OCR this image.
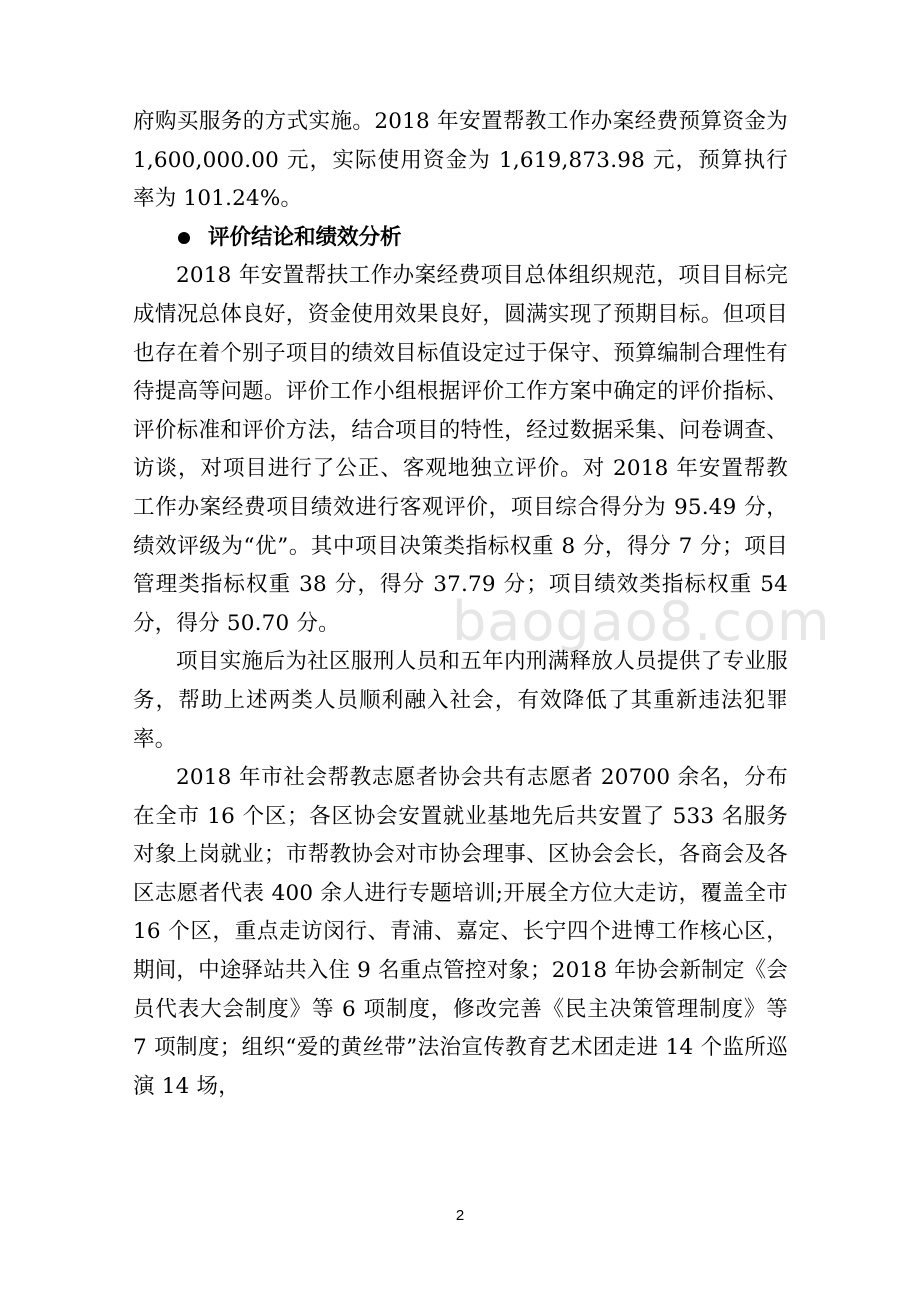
baogao8.com

府购买服务的方式实施。2018 年安置帮教工作办案经费预算资金为 1,600,000.00 元，实际使用资金为 1,619,873.98 元，预算执行率为 101.24%。

评价结论和绩效分析

2018 年安置帮扶工作办案经费项目总体组织规范，项目目标完成情况总体良好，资金使用效果良好，圆满实现了预期目标。但项目也存在着个别子项目的绩效目标值设定过于保守、预算编制合理性有待提高等问题。评价工作小组根据评价工作方案中确定的评价指标、评价标准和评价方法，结合项目的特性，经过数据采集、问卷调查、访谈，对项目进行了公正、客观地独立评价。对 2018 年安置帮教工作办案经费项目绩效进行客观评价，项目综合得分为 95.49 分，绩效评级为“优”。其中项目决策类指标权重 8 分，得分 7 分；项目管理类指标权重 38 分，得分 37.79 分；项目绩效类指标权重 54 分，得分 50.70 分。

项目实施后为社区服刑人员和五年内刑满释放人员提供了专业服务，帮助上述两类人员顺利融入社会，有效降低了其重新违法犯罪率。

2018 年市社会帮教志愿者协会共有志愿者 20700 余名，分布在全市 16 个区；各区协会安置就业基地先后共安置了 533 名服务对象上岗就业；市帮教协会对市协会理事、区协会会长，各商会及各区志愿者代表 400 余人进行专题培训;开展全方位大走访，覆盖全市 16 个区，重点走访闵行、青浦、嘉定、长宁四个进博工作核心区，期间，中途驿站共入住 9 名重点管控对象；2018 年协会新制定《会员代表大会制度》等 6 项制度，修改完善《民主决策管理制度》等 7 项制度；组织“爱的黄丝带”法治宣传教育艺术团走进 14 个监所巡演 14 场，

2
